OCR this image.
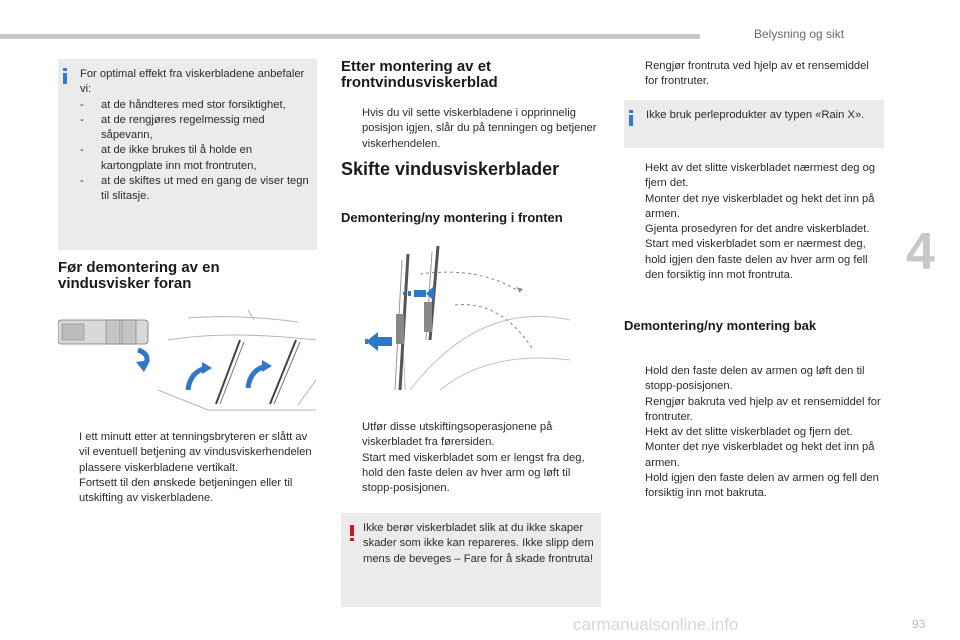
Belysning og sikt
4
For optimal effekt fra viskerbladene anbefaler vi:
- at de håndteres med stor forsiktighet,
- at de rengjøres regelmessig med såpevann,
- at de ikke brukes til å holde en kartongplate inn mot frontruten,
- at de skiftes ut med en gang de viser tegn til slitasje.
Før demontering av en vindusvisker foran
I ett minutt etter at tenningsbryteren er slått av vil eventuell betjening av vindusviskerhendelen plassere viskerbladene vertikalt.
Fortsett til den ønskede betjeningen eller til utskifting av viskerbladene.
Etter montering av et frontvindusviskerblad
Hvis du vil sette viskerbladene i opprinnelig posisjon igjen, slår du på tenningen og betjener viskerhendelen.
Skifte vindusviskerblader
Demontering/ny montering i fronten
Utfør disse utskiftingsoperasjonene på viskerbladet fra førersiden.
Start med viskerbladet som er lengst fra deg, hold den faste delen av hver arm og løft til stopp-posisjonen.
Ikke berør viskerbladet slik at du ikke skaper skader som ikke kan repareres. Ikke slipp dem mens de beveges – Fare for å skade frontruta!
Rengjør frontruta ved hjelp av et rensemiddel for frontruter.
Ikke bruk perleprodukter av typen «Rain X».
Hekt av det slitte viskerbladet nærmest deg og fjern det.
Monter det nye viskerbladet og hekt det inn på armen.
Gjenta prosedyren for det andre viskerbladet.
Start med viskerbladet som er nærmest deg, hold igjen den faste delen av hver arm og fell den forsiktig inn mot frontruta.
Demontering/ny montering bak
Hold den faste delen av armen og løft den til stopp-posisjonen.
Rengjør bakruta ved hjelp av et rensemiddel for frontruter.
Hekt av det slitte viskerbladet og fjern det.
Monter det nye viskerbladet og hekt det inn på armen.
Hold igjen den faste delen av armen og fell den forsiktig inn mot bakruta.
carmanualsonline.info	93
